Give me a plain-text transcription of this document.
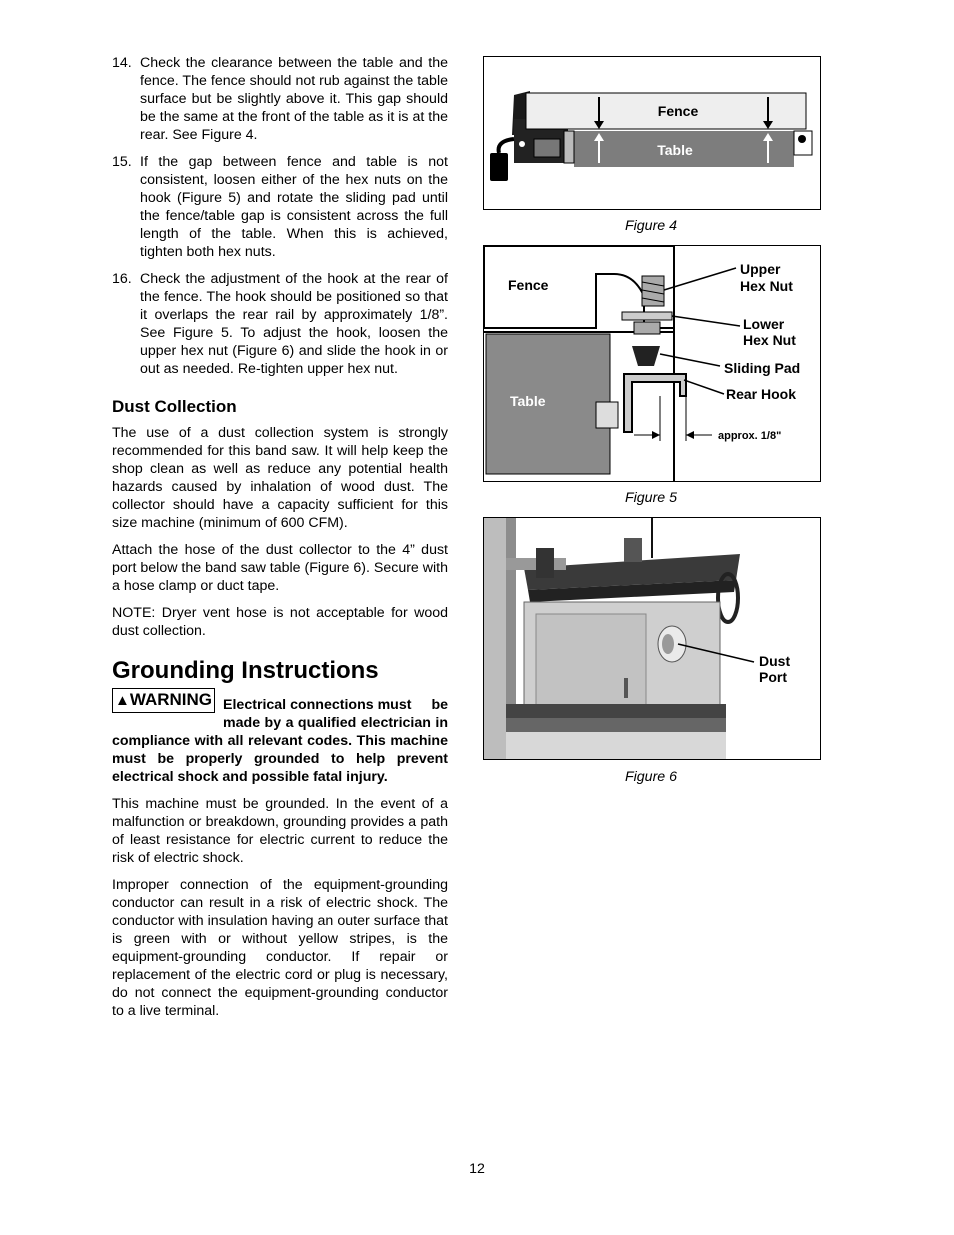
14. Check the clearance between the table and the fence. The fence should not rub against the table surface but be slightly above it. This gap should be the same at the front of the table as it is at the rear. See Figure 4.
15. If the gap between fence and table is not consistent, loosen either of the hex nuts on the hook (Figure 5) and rotate the sliding pad until the fence/table gap is consistent across the full length of the table. When this is achieved, tighten both hex nuts.
16. Check the adjustment of the hook at the rear of the fence. The hook should be positioned so that it overlaps the rear rail by approximately 1/8”. See Figure 5. To adjust the hook, loosen the upper hex nut (Figure 6) and slide the hook in or out as needed. Re-tighten upper hex nut.
Dust Collection

The use of a dust collection system is strongly recommended for this band saw. It will help keep the shop clean as well as reduce any potential health hazards caused by inhalation of wood dust. The collector should have a capacity sufficient for this size machine (minimum of 600 CFM).

Attach the hose of the dust collector to the 4” dust port below the band saw table (Figure 6). Secure with a hose clamp or duct tape.

NOTE: Dryer vent hose is not acceptable for wood dust collection.

Grounding Instructions
▲WARNING Electrical connections must be made by a qualified electrician in compliance with all relevant codes. This machine must be properly grounded to help prevent electrical shock and possible fatal injury.

This machine must be grounded. In the event of a malfunction or breakdown, grounding provides a path of least resistance for electric current to reduce the risk of electric shock.

Improper connection of the equipment-grounding conductor can result in a risk of electric shock. The conductor with insulation having an outer surface that is green with or without yellow stripes, is the equipment-grounding conductor. If repair or replacement of the electric cord or plug is necessary, do not connect the equipment-grounding conductor to a live terminal.

Fence
Table
Figure 4
Fence
Table
Upper
Hex Nut
Lower
Hex Nut
Sliding Pad
Rear Hook
approx. 1/8"
Figure 5
Dust
Port
Figure 6
12
